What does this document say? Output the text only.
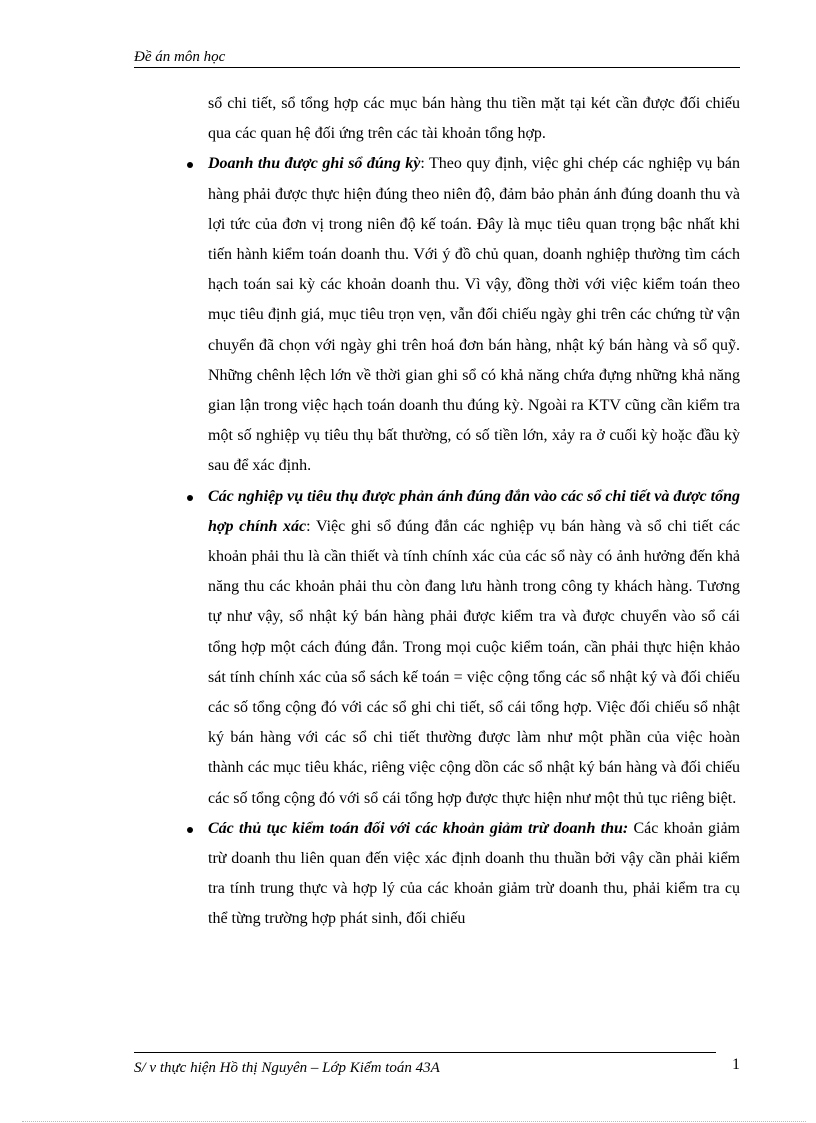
Đề án môn học

sổ chi tiết, sổ tổng hợp các mục bán hàng thu tiền mặt tại két cần được đối chiếu qua các quan hệ đối ứng trên các tài khoản tổng hợp.

Doanh thu được ghi sổ đúng kỳ: Theo quy định, việc ghi chép các nghiệp vụ bán hàng phải được thực hiện đúng theo niên độ, đảm bảo phản ánh đúng doanh thu và lợi tức của đơn vị trong niên độ kế toán. Đây là mục tiêu quan trọng bậc nhất khi tiến hành kiểm toán doanh thu. Với ý đồ chủ quan, doanh nghiệp thường tìm cách hạch toán sai kỳ các khoản doanh thu. Vì vậy, đồng thời với việc kiểm toán theo mục tiêu định giá, mục tiêu trọn vẹn, vẫn đối chiếu ngày ghi trên các chứng từ vận chuyển đã chọn với ngày ghi trên hoá đơn bán hàng, nhật ký bán hàng và sổ quỹ. Những chênh lệch lớn về thời gian ghi sổ có khả năng chứa đựng những khả năng gian lận trong việc hạch toán doanh thu đúng kỳ. Ngoài ra KTV cũng cần kiểm tra một số nghiệp vụ tiêu thụ bất thường, có số tiền lớn, xảy ra ở cuối kỳ hoặc đầu kỳ sau để xác định.
Các nghiệp vụ tiêu thụ được phản ánh đúng đắn vào các sổ chi tiết và được tổng hợp chính xác: Việc ghi sổ đúng đắn các nghiệp vụ bán hàng và sổ chi tiết các khoản phải thu là cần thiết và tính chính xác của các sổ này có ảnh hưởng đến khả năng thu các khoản phải thu còn đang lưu hành trong công ty khách hàng. Tương tự như vậy, sổ nhật ký bán hàng phải được kiểm tra và được chuyển vào sổ cái tổng hợp một cách đúng đắn. Trong mọi cuộc kiểm toán, cần phải thực hiện khảo sát tính chính xác của sổ sách kế toán = việc cộng tổng các sổ nhật ký và đối chiếu các số tổng cộng đó với các sổ ghi chi tiết, sổ cái tổng hợp. Việc đối chiếu sổ nhật ký bán hàng với các sổ chi tiết thường được làm như một phần của việc hoàn thành các mục tiêu khác, riêng việc cộng dồn các sổ nhật ký bán hàng và đối chiếu các số tổng cộng đó với sổ cái tổng hợp được thực hiện như một thủ tục riêng biệt.
Các thủ tục kiểm toán đối với các khoản giảm trừ doanh thu: Các khoản giảm trừ doanh thu liên quan đến việc xác định doanh thu thuần bởi vậy cần phải kiểm tra tính trung thực và hợp lý của các khoản giảm trừ doanh thu, phải kiểm tra cụ thể từng trường hợp phát sinh, đối chiếu
S/ v thực hiện Hồ thị Nguyên – Lớp Kiểm toán 43A	1
